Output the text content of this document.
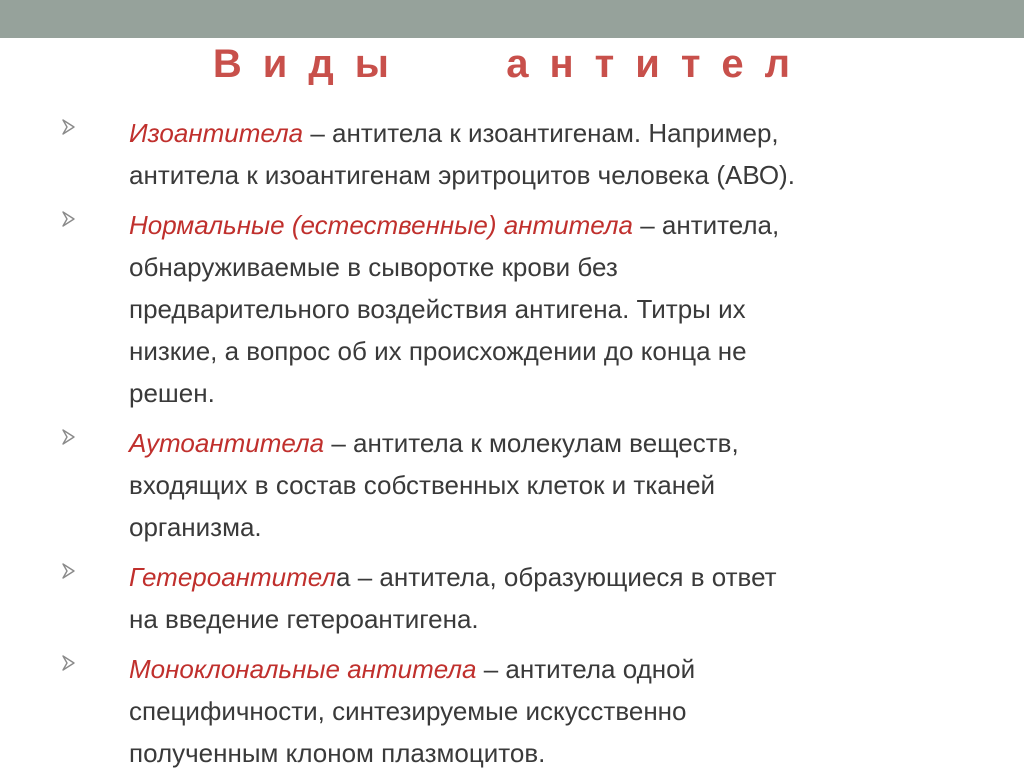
Виды   антител
Изоантитела – антитела к изоантигенам. Например,
антитела к изоантигенам эритроцитов человека (АВО).
Нормальные (естественные) антитела – антитела,
обнаруживаемые в сыворотке крови без
предварительного воздействия антигена. Титры их
низкие, а вопрос об их происхождении до конца не
решен.
Аутоантитела – антитела к молекулам веществ,
входящих в состав собственных клеток и тканей
организма.
Гетероантитела – антитела, образующиеся в ответ
на введение гетероантигена.
Моноклональные антитела – антитела одной
специфичности, синтезируемые искусственно
полученным клоном плазмоцитов.
